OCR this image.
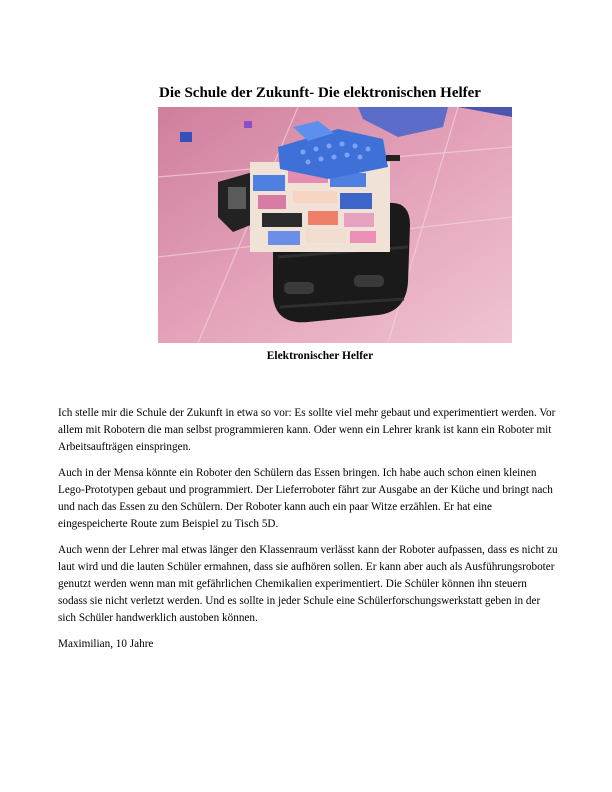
Die Schule der Zukunft- Die elektronischen Helfer

Elektronischer Helfer

Ich stelle mir die Schule der Zukunft in etwa so vor: Es sollte viel mehr gebaut und experimentiert werden. Vor allem mit Robotern die man selbst programmieren kann. Oder wenn ein Lehrer krank ist kann ein Roboter mit Arbeitsaufträgen einspringen.

Auch in der Mensa könnte ein Roboter den Schülern das Essen bringen. Ich habe auch schon einen kleinen Lego-Prototypen gebaut und programmiert. Der Lieferroboter fährt zur Ausgabe an der Küche und bringt nach und nach das Essen zu den Schülern. Der Roboter kann auch ein paar Witze erzählen. Er hat eine eingespeicherte Route zum Beispiel zu Tisch 5D.

Auch wenn der Lehrer mal etwas länger den Klassenraum verlässt kann der Roboter aufpassen, dass es nicht zu laut wird und die lauten Schüler ermahnen, dass sie aufhören sollen. Er kann aber auch als Ausführungsroboter genutzt werden wenn man mit gefährlichen Chemikalien experimentiert. Die Schüler können ihn steuern sodass sie nicht verletzt werden. Und es sollte in jeder Schule eine Schülerforschungswerkstatt geben in der sich Schüler handwerklich austoben können.

Maximilian, 10 Jahre
